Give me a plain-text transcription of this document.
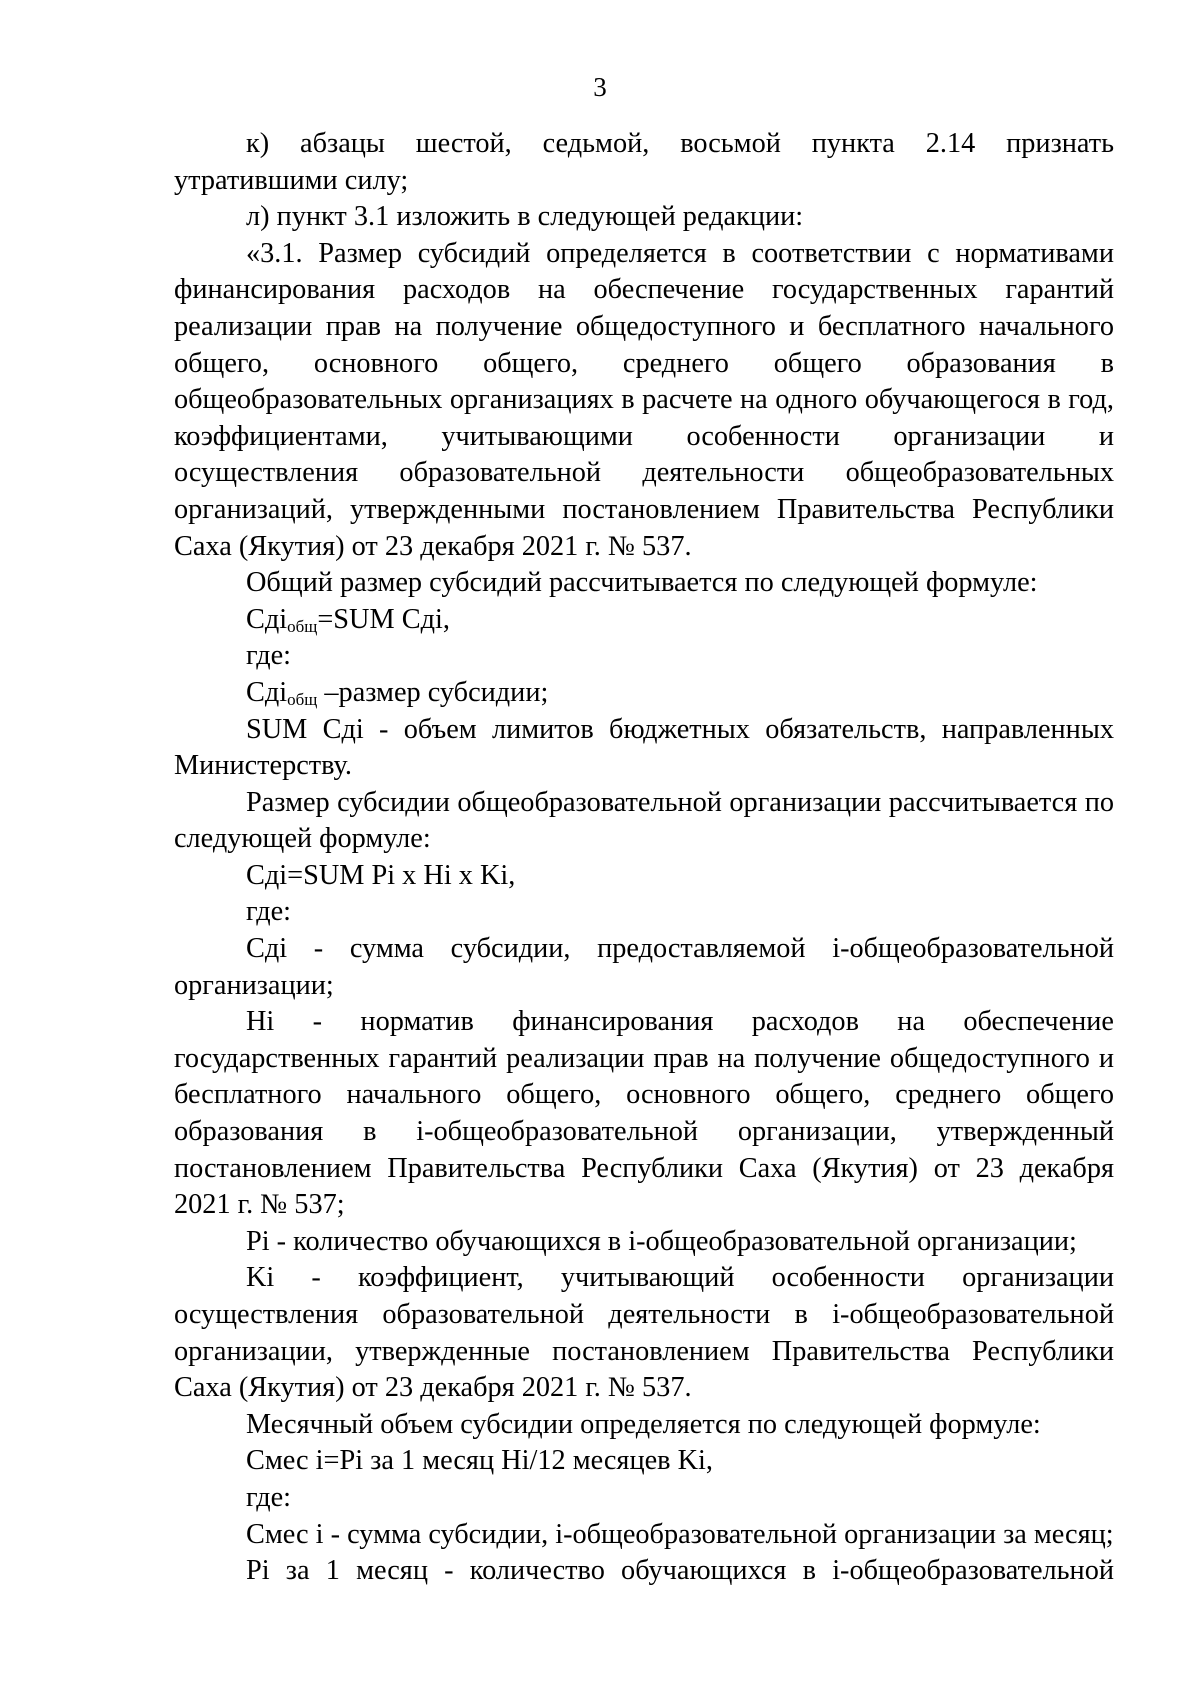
3

к) абзацы шестой, седьмой, восьмой пункта 2.14 признать утратившими силу;

л) пункт 3.1 изложить в следующей редакции:

«3.1. Размер субсидий определяется в соответствии с нормативами финансирования расходов на обеспечение государственных гарантий реализации прав на получение общедоступного и бесплатного начального общего, основного общего, среднего общего образования в общеобразовательных организациях в расчете на одного обучающегося в год, коэффициентами, учитывающими особенности организации и осуществления образовательной деятельности общеобразовательных организаций, утвержденными постановлением Правительства Республики Саха (Якутия) от 23 декабря 2021 г. № 537.

Общий размер субсидий рассчитывается по следующей формуле:

Сдi$_{общ}$=SUM Сдi,

где:

Сдi$_{общ}$ –размер субсидии;

SUM Сдi - объем лимитов бюджетных обязательств, направленных Министерству.

Размер субсидии общеобразовательной организации рассчитывается по следующей формуле:

Сдi=SUM Pi x Hi x Ki,

где:

Сдi - сумма субсидии, предоставляемой i-общеобразовательной организации;

Hi - норматив финансирования расходов на обеспечение государственных гарантий реализации прав на получение общедоступного и бесплатного начального общего, основного общего, среднего общего образования в i-общеобразовательной организации, утвержденный постановлением Правительства Республики Саха (Якутия) от 23 декабря 2021 г. № 537;

Pi - количество обучающихся в i-общеобразовательной организации;

Ki - коэффициент, учитывающий особенности организации осуществления образовательной деятельности в i-общеобразовательной организации, утвержденные постановлением Правительства Республики Саха (Якутия) от 23 декабря 2021 г. № 537.

Месячный объем субсидии определяется по следующей формуле:

Смес i=Pi за 1 месяц Hi/12 месяцев Ki,

где:

Смес i - сумма субсидии, i-общеобразовательной организации за месяц;

Pi за 1 месяц - количество обучающихся в i-общеобразовательной
